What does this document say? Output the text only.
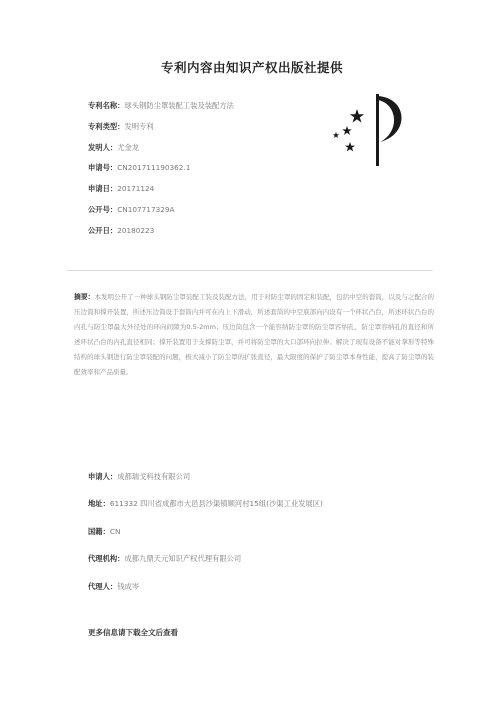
专利内容由知识产权出版社提供
专利名称：球头钢防尘罩装配工装及装配方法
专利类型：发明专利
发明人：尤金龙
申请号：CN201711190362.1
申请日：20171124
公开号：CN107717329A
公开日：20180223
摘要：本发明公开了一种球头钢防尘罩装配工装及装配方法，用于对防尘罩的固定和装配，包括中空的套筒，以及与之配合的压边筒和撑开装置，所述压边筒设于套筒内并可在内上下滑动，所述套筒的中空底部向内设有一个环状凸台，所述环状凸台的内孔与防尘罩最大外径处的环向间隙为0.5-2mm；压边筒包含一个能容纳防尘罩的防尘罩容纳孔，防尘罩容纳孔的直径和所述环状凸台的内孔直径相同；撑开装置用于支撑防尘罩，并可将防尘罩的大口部环向拉伸。解决了现有设备不能对掌形等特殊结构的球头钢进行防尘罩装配的问题，极大减小了防尘罩的扩张直径，最大限度的保护了防尘罩本身性能，提高了防尘罩的装配效率和产品质量。
申请人：成都瑞戈科技有限公司
地址：611332 四川省成都市大邑县沙渠镇顺河村15组(沙渠工业发展区)
国籍：CN
代理机构：成都九鼎天元知识产权代理有限公司
代理人：钱成岑
更多信息请下载全文后查看
